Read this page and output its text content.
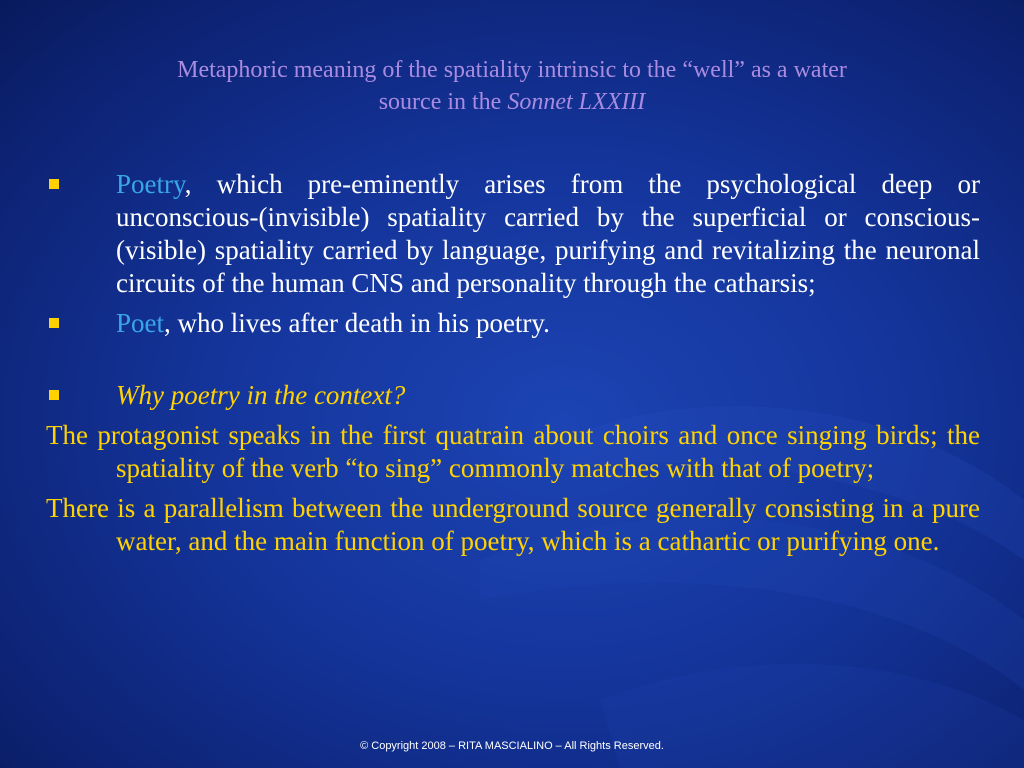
Metaphoric meaning of the spatiality intrinsic to the “well” as a water
source in the Sonnet LXXIII
Poetry, which pre-eminently arises from the psychological deep or unconscious-(invisible) spatiality carried by the superficial or conscious-(visible) spatiality carried by language, purifying and revitalizing the neuronal circuits of the human CNS and personality through the catharsis;
Poet, who lives after death in his poetry.
Why poetry in the context?
The protagonist speaks in the first quatrain about choirs and once singing birds; the spatiality of the verb “to sing” commonly matches with that of poetry;
There is a parallelism between the underground source generally consisting in a pure water, and the main function of poetry, which is a cathartic or purifying one.
© Copyright 2008 – RITA MASCIALINO – All Rights Reserved.
